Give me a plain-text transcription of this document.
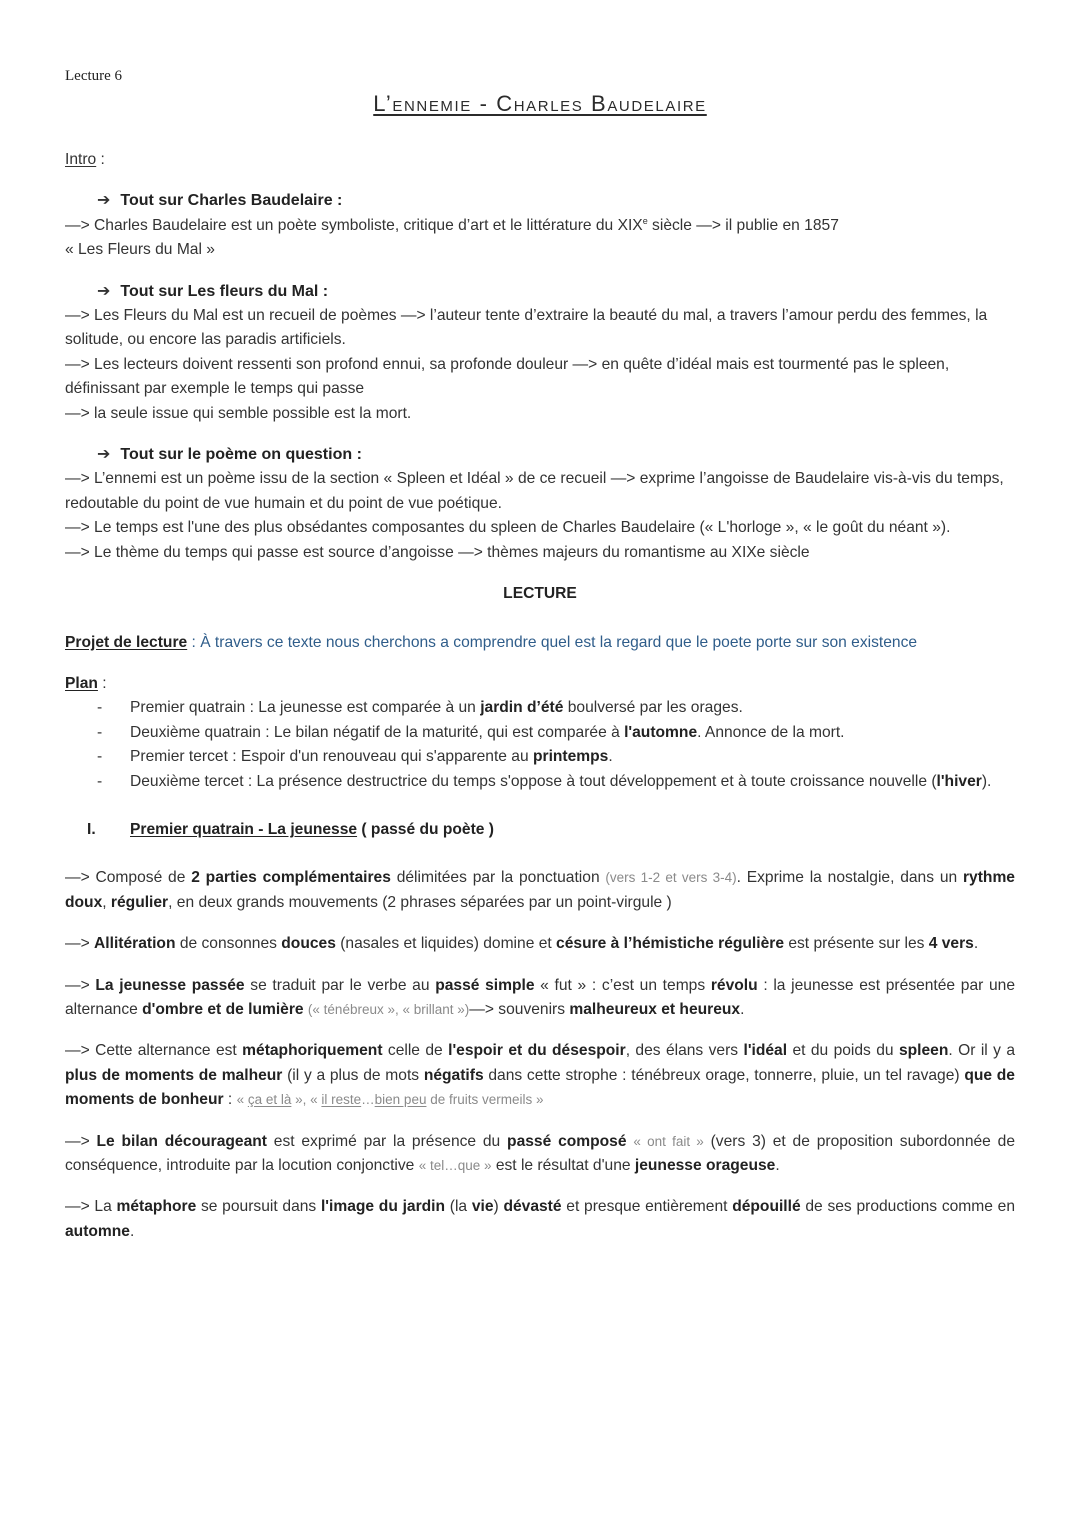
Lecture 6
L’ennemie - Charles Baudelaire

Intro :

➔ Tout sur Charles Baudelaire :

—> Charles Baudelaire est un poète symboliste, critique d’art et le littérature du XIXe siècle —> il publie en 1857

« Les Fleurs du Mal »

➔ Tout sur Les fleurs du Mal :

—> Les Fleurs du Mal est un recueil de poèmes —> l’auteur tente d’extraire la beauté du mal, a travers l’amour perdu des femmes, la solitude, ou encore las paradis artificiels.

—> Les lecteurs doivent ressenti son profond ennui, sa profonde douleur —> en quête d’idéal mais est tourmenté pas le spleen, définissant par exemple le temps qui passe

—> la seule issue qui semble possible est la mort.

➔ Tout sur le poème on question :

—> L’ennemi est un poème issu de la section « Spleen et Idéal » de ce recueil —> exprime l’angoisse de Baudelaire vis-à-vis du temps, redoutable du point de vue humain et du point de vue poétique.

—> Le temps est l'une des plus obsédantes composantes du spleen de Charles Baudelaire (« L'horloge », « le goût du néant »).

—> Le thème du temps qui passe est source d’angoisse —> thèmes majeurs du romantisme au XIXe siècle

LECTURE

Projet de lecture : À travers ce texte nous cherchons a comprendre quel est la regard que le poete porte sur son existence

Plan :

- Premier quatrain : La jeunesse est comparée à un jardin d’été boulversé par les orages.
- Deuxième quatrain : Le bilan négatif de la maturité, qui est comparée à l'automne. Annonce de la mort.
- Premier tercet : Espoir d'un renouveau qui s'apparente au printemps.
- Deuxième tercet : La présence destructrice du temps s'oppose à tout développement et à toute croissance nouvelle (l'hiver).

I. Premier quatrain - La jeunesse ( passé du poète )

—> Composé de 2 parties complémentaires délimitées par la ponctuation (vers 1-2 et vers 3-4). Exprime la nostalgie, dans un rythme doux, régulier, en deux grands mouvements (2 phrases séparées par un point-virgule )

—> Allitération de consonnes douces (nasales et liquides) domine et césure à l’hémistiche régulière est présente sur les 4 vers.

—> La jeunesse passée se traduit par le verbe au passé simple « fut » : c’est un temps révolu : la jeunesse est présentée par une alternance d'ombre et de lumière (« ténébreux », « brillant »)—> souvenirs malheureux et heureux.

—> Cette alternance est métaphoriquement celle de l'espoir et du désespoir, des élans vers l'idéal et du poids du spleen. Or il y a plus de moments de malheur (il y a plus de mots négatifs dans cette strophe : ténébreux orage, tonnerre, pluie, un tel ravage) que de moments de bonheur : « ça et là », « il reste…bien peu de fruits vermeils »

—> Le bilan décourageant est exprimé par la présence du passé composé « ont fait » (vers 3) et de proposition subordonnée de conséquence, introduite par la locution conjonctive « tel…que » est le résultat d'une jeunesse orageuse.

—> La métaphore se poursuit dans l'image du jardin (la vie) dévasté et presque entièrement dépouillé de ses productions comme en automne.
